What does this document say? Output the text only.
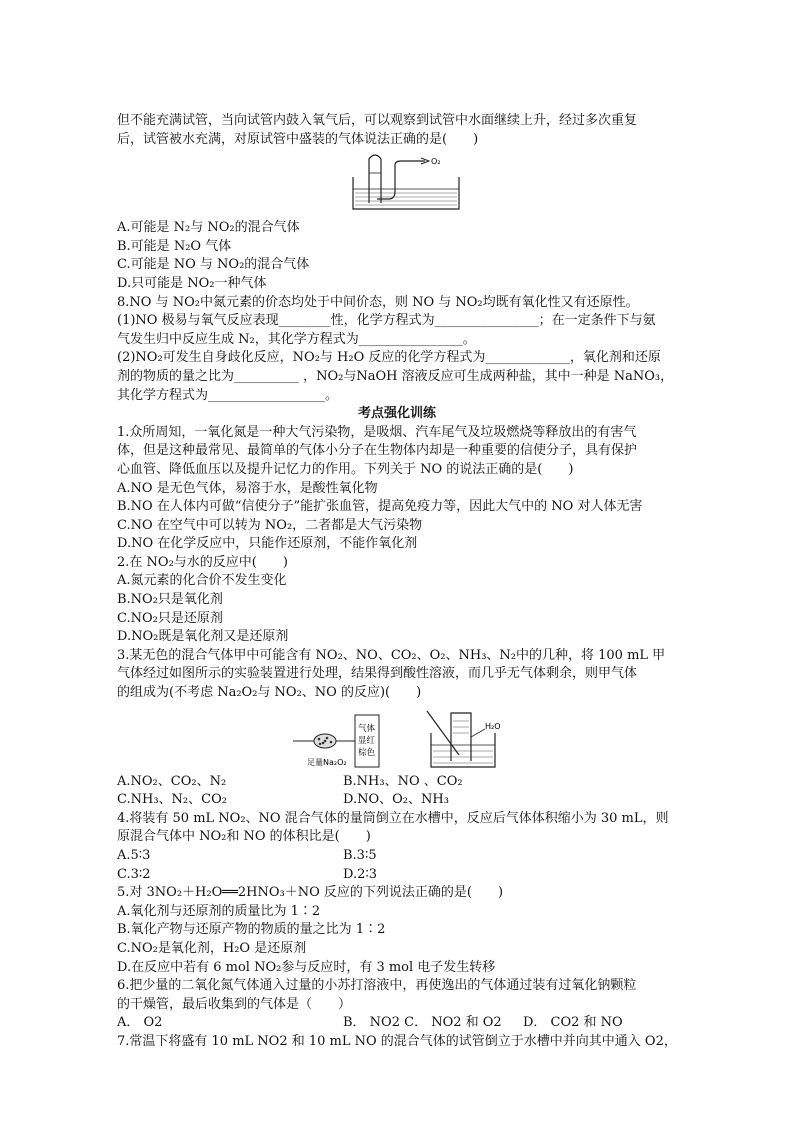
但不能充满试管，当向试管内鼓入氧气后，可以观察到试管中水面继续上升，经过多次重复

后，试管被水充满，对原试管中盛装的气体说法正确的是(　　)

O₂

A.可能是 N₂与 NO₂的混合气体

B.可能是 N₂O 气体

C.可能是 NO 与 NO₂的混合气体

D.只可能是 NO₂一种气体

8.NO 与 NO₂中氮元素的价态均处于中间价态，则 NO 与 NO₂均既有氧化性又有还原性。

(1)NO 极易与氧气反应表现________性，化学方程式为________________；在一定条件下与氨

气发生归中反应生成 N₂，其化学方程式为________________。

(2)NO₂可发生自身歧化反应，NO₂与 H₂O 反应的化学方程式为_____________，氧化剂和还原

剂的物质的量之比为__________ ，NO₂与NaOH 溶液反应可生成两种盐，其中一种是 NaNO₃，

其化学方程式为__________________。

考点强化训练

1.众所周知，一氧化氮是一种大气污染物，是吸烟、汽车尾气及垃圾燃烧等释放出的有害气

体，但是这种最常见、最简单的气体小分子在生物体内却是一种重要的信使分子，具有保护

心血管、降低血压以及提升记忆力的作用。下列关于 NO 的说法正确的是(　　)

A.NO 是无色气体，易溶于水，是酸性氧化物

B.NO 在人体内可做“信使分子”能扩张血管，提高免疫力等，因此大气中的 NO 对人体无害

C.NO 在空气中可以转为 NO₂，二者都是大气污染物

D.NO 在化学反应中，只能作还原剂，不能作氧化剂

2.在 NO₂与水的反应中(　　)

A.氮元素的化合价不发生变化

B.NO₂只是氧化剂

C.NO₂只是还原剂

D.NO₂既是氧化剂又是还原剂

3.某无色的混合气体甲中可能含有 NO₂、NO、CO₂、O₂、NH₃、N₂中的几种，将 100 mL 甲

气体经过如图所示的实验装置进行处理，结果得到酸性溶液，而几乎无气体剩余，则甲气体

的组成为(不考虑 Na₂O₂与 NO₂、NO 的反应)(　　)

足量Na₂O₂
气体
显红
棕色
H₂O
A.NO₂、CO₂、N₂	B.NH₃、NO 、CO₂
C.NH₃、N₂、CO₂	D.NO、O₂、NH₃

4.将装有 50 mL NO₂、NO 混合气体的量筒倒立在水槽中，反应后气体体积缩小为 30 mL，则

原混合气体中 NO₂和 NO 的体积比是(　　)

A.5∶3	B.3∶5
C.3∶2	D.2∶3

5.对 3NO₂＋H₂O══2HNO₃＋NO 反应的下列说法正确的是(　　)

A.氧化剂与还原剂的质量比为 1∶2

B.氧化产物与还原产物的物质的量之比为 1∶2

C.NO₂是氧化剂，H₂O 是还原剂

D.在反应中若有 6 mol NO₂参与反应时，有 3 mol 电子发生转移

6.把少量的二氧化氮气体通入过量的小苏打溶液中，再使逸出的气体通过装有过氧化钠颗粒

的干燥管，最后收集到的气体是（　　）

A． O2	B． NO2 C． NO2 和 O2 　 D． CO2 和 NO

7.常温下将盛有 10 mL NO2 和 10 mL NO 的混合气体的试管倒立于水槽中并向其中通入 O2，
